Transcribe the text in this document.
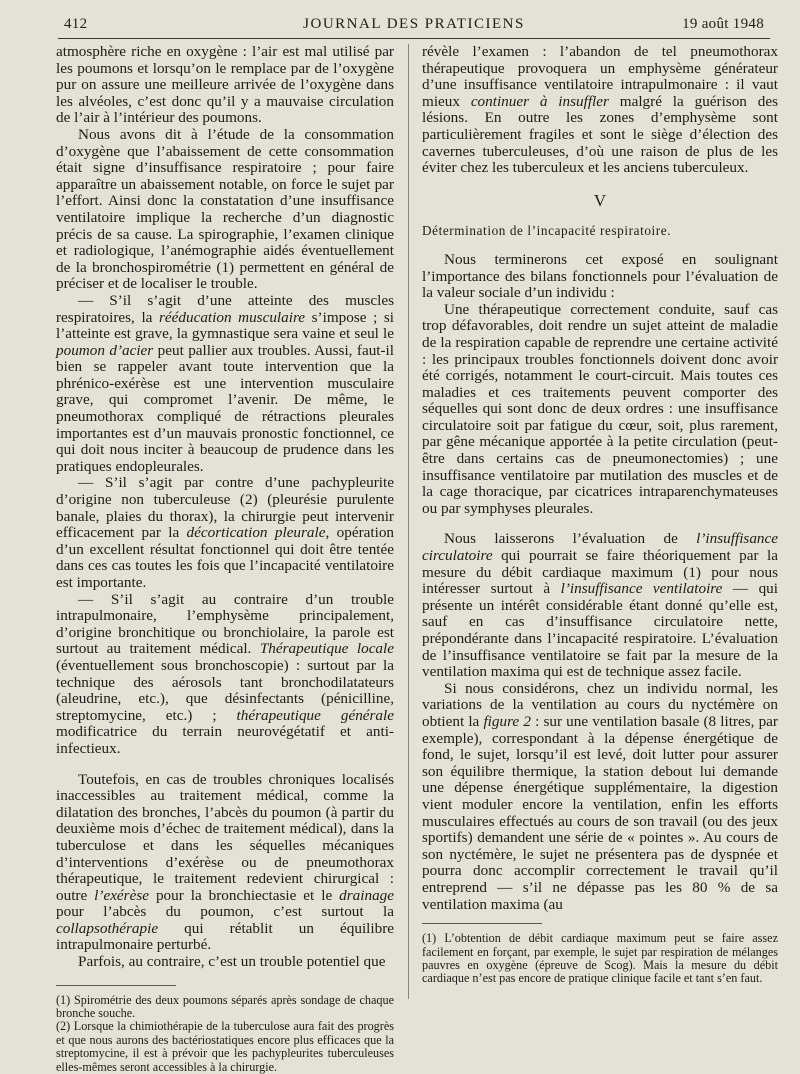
412	JOURNAL DES PRATICIENS	19 août 1948

atmosphère riche en oxygène : l’air est mal utilisé par les poumons et lorsqu’on le remplace par de l’oxygène pur on assure une meilleure arrivée de l’oxygène dans les alvéoles, c’est donc qu’il y a mauvaise circulation de l’air à l’intérieur des poumons.

Nous avons dit à l’étude de la consommation d’oxygène que l’abaissement de cette consommation était signe d’insuffisance respiratoire ; pour faire apparaître un abaissement notable, on force le sujet par l’effort. Ainsi donc la constatation d’une insuffisance ventilatoire implique la recherche d’un diagnostic précis de sa cause. La spirographie, l’examen clinique et radiologique, l’anémographie aidés éventuellement de la bronchospirométrie (1) permettent en général de préciser et de localiser le trouble.

— S’il s’agit d’une atteinte des muscles respiratoires, la rééducation musculaire s’impose ; si l’atteinte est grave, la gymnastique sera vaine et seul le poumon d’acier peut pallier aux troubles. Aussi, faut-il bien se rappeler avant toute intervention que la phrénico-exérèse est une intervention musculaire grave, qui compromet l’avenir. De même, le pneumothorax compliqué de rétractions pleurales importantes est d’un mauvais pronostic fonctionnel, ce qui doit nous inciter à beaucoup de prudence dans les pratiques endopleurales.

— S’il s’agit par contre d’une pachypleurite d’origine non tuberculeuse (2) (pleurésie purulente banale, plaies du thorax), la chirurgie peut intervenir efficacement par la décortication pleurale, opération d’un excellent résultat fonctionnel qui doit être tentée dans ces cas toutes les fois que l’incapacité ventilatoire est importante.

— S’il s’agit au contraire d’un trouble intrapulmonaire, l’emphysème principalement, d’origine bronchitique ou bronchiolaire, la parole est surtout au traitement médical. Thérapeutique locale (éventuellement sous bronchoscopie) : surtout par la technique des aérosols tant bronchodilatateurs (aleudrine, etc.), que désinfectants (pénicilline, streptomycine, etc.) ; thérapeutique générale modificatrice du terrain neurovégétatif et anti-infectieux.

Toutefois, en cas de troubles chroniques localisés inaccessibles au traitement médical, comme la dilatation des bronches, l’abcès du poumon (à partir du deuxième mois d’échec de traitement médical), dans la tuberculose et dans les séquelles mécaniques d’interventions d’exérèse ou de pneumothorax thérapeutique, le traitement redevient chirurgical : outre l’exérèse pour la bronchiectasie et le drainage pour l’abcès du poumon, c’est surtout la collapsothérapie qui rétablit un équilibre intrapulmonaire perturbé.

Parfois, au contraire, c’est un trouble potentiel que

(1) Spirométrie des deux poumons séparés après sondage de chaque bronche souche.

(2) Lorsque la chimiothérapie de la tuberculose aura fait des progrès et que nous aurons des bactériostatiques encore plus efficaces que la streptomycine, il est à prévoir que les pachypleurites tuberculeuses elles-mêmes seront accessibles à la chirurgie.

révèle l’examen : l’abandon de tel pneumothorax thérapeutique provoquera un emphysème générateur d’une insuffisance ventilatoire intrapulmonaire : il vaut mieux continuer à insuffler malgré la guérison des lésions. En outre les zones d’emphysème sont particulièrement fragiles et sont le siège d’élection des cavernes tuberculeuses, d’où une raison de plus de les éviter chez les tuberculeux et les anciens tuberculeux.

V

Détermination de l’incapacité respiratoire.

Nous terminerons cet exposé en soulignant l’importance des bilans fonctionnels pour l’évaluation de la valeur sociale d’un individu :

Une thérapeutique correctement conduite, sauf cas trop défavorables, doit rendre un sujet atteint de maladie de la respiration capable de reprendre une certaine activité : les principaux troubles fonctionnels doivent donc avoir été corrigés, notamment le court-circuit. Mais toutes ces maladies et ces traitements peuvent comporter des séquelles qui sont donc de deux ordres : une insuffisance circulatoire soit par fatigue du cœur, soit, plus rarement, par gêne mécanique apportée à la petite circulation (peut-être dans certains cas de pneumonectomies) ; une insuffisance ventilatoire par mutilation des muscles et de la cage thoracique, par cicatrices intraparenchymateuses ou par symphyses pleurales.

Nous laisserons l’évaluation de l’insuffisance circulatoire qui pourrait se faire théoriquement par la mesure du débit cardiaque maximum (1) pour nous intéresser surtout à l’insuffisance ventilatoire — qui présente un intérêt considérable étant donné qu’elle est, sauf en cas d’insuffisance circulatoire nette, prépondérante dans l’incapacité respiratoire. L’évaluation de l’insuffisance ventilatoire se fait par la mesure de la ventilation maxima qui est de technique assez facile.

Si nous considérons, chez un individu normal, les variations de la ventilation au cours du nyctémère on obtient la figure 2 : sur une ventilation basale (8 litres, par exemple), correspondant à la dépense énergétique de fond, le sujet, lorsqu’il est levé, doit lutter pour assurer son équilibre thermique, la station debout lui demande une dépense énergétique supplémentaire, la digestion vient moduler encore la ventilation, enfin les efforts musculaires effectués au cours de son travail (ou des jeux sportifs) demandent une série de « pointes ». Au cours de son nyctémère, le sujet ne présentera pas de dyspnée et pourra donc accomplir correctement le travail qu’il entreprend — s’il ne dépasse pas les 80 % de sa ventilation maxima (au

(1) L’obtention de débit cardiaque maximum peut se faire assez facilement en forçant, par exemple, le sujet par respiration de mélanges pauvres en oxygène (épreuve de Scog). Mais la mesure du débit cardiaque n’est pas encore de pratique clinique facile et tant s’en faut.
